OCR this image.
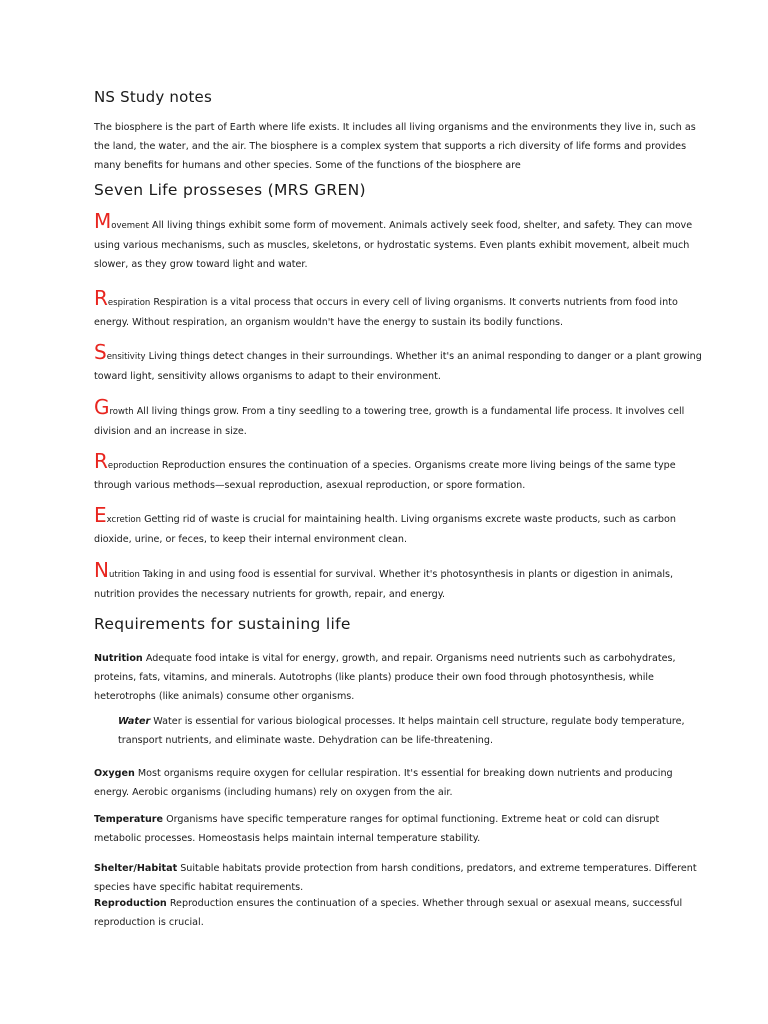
NS Study notes
The biosphere is the part of Earth where life exists. It includes all living organisms and the environments they live in, such as the land, the water, and the air. The biosphere is a complex system that supports a rich diversity of life forms and provides many benefits for humans and other species. Some of the functions of the biosphere are
Seven Life prosseses (MRS GREN)
Movement All living things exhibit some form of movement. Animals actively seek food, shelter, and safety. They can move using various mechanisms, such as muscles, skeletons, or hydrostatic systems. Even plants exhibit movement, albeit much slower, as they grow toward light and water.
Respiration Respiration is a vital process that occurs in every cell of living organisms. It converts nutrients from food into energy. Without respiration, an organism wouldn't have the energy to sustain its bodily functions.
Sensitivity Living things detect changes in their surroundings. Whether it's an animal responding to danger or a plant growing toward light, sensitivity allows organisms to adapt to their environment.
Growth All living things grow. From a tiny seedling to a towering tree, growth is a fundamental life process. It involves cell division and an increase in size.
Reproduction Reproduction ensures the continuation of a species. Organisms create more living beings of the same type through various methods—sexual reproduction, asexual reproduction, or spore formation.
Excretion Getting rid of waste is crucial for maintaining health. Living organisms excrete waste products, such as carbon dioxide, urine, or feces, to keep their internal environment clean.
Nutrition Taking in and using food is essential for survival. Whether it's photosynthesis in plants or digestion in animals, nutrition provides the necessary nutrients for growth, repair, and energy.
Requirements for sustaining life
Nutrition Adequate food intake is vital for energy, growth, and repair. Organisms need nutrients such as carbohydrates, proteins, fats, vitamins, and minerals. Autotrophs (like plants) produce their own food through photosynthesis, while heterotrophs (like animals) consume other organisms.
Water Water is essential for various biological processes. It helps maintain cell structure, regulate body temperature, transport nutrients, and eliminate waste. Dehydration can be life-threatening.
Oxygen Most organisms require oxygen for cellular respiration. It's essential for breaking down nutrients and producing energy. Aerobic organisms (including humans) rely on oxygen from the air.
Temperature Organisms have specific temperature ranges for optimal functioning. Extreme heat or cold can disrupt metabolic processes. Homeostasis helps maintain internal temperature stability.
Shelter/Habitat Suitable habitats provide protection from harsh conditions, predators, and extreme temperatures. Different species have specific habitat requirements.
Reproduction Reproduction ensures the continuation of a species. Whether through sexual or asexual means, successful reproduction is crucial.
